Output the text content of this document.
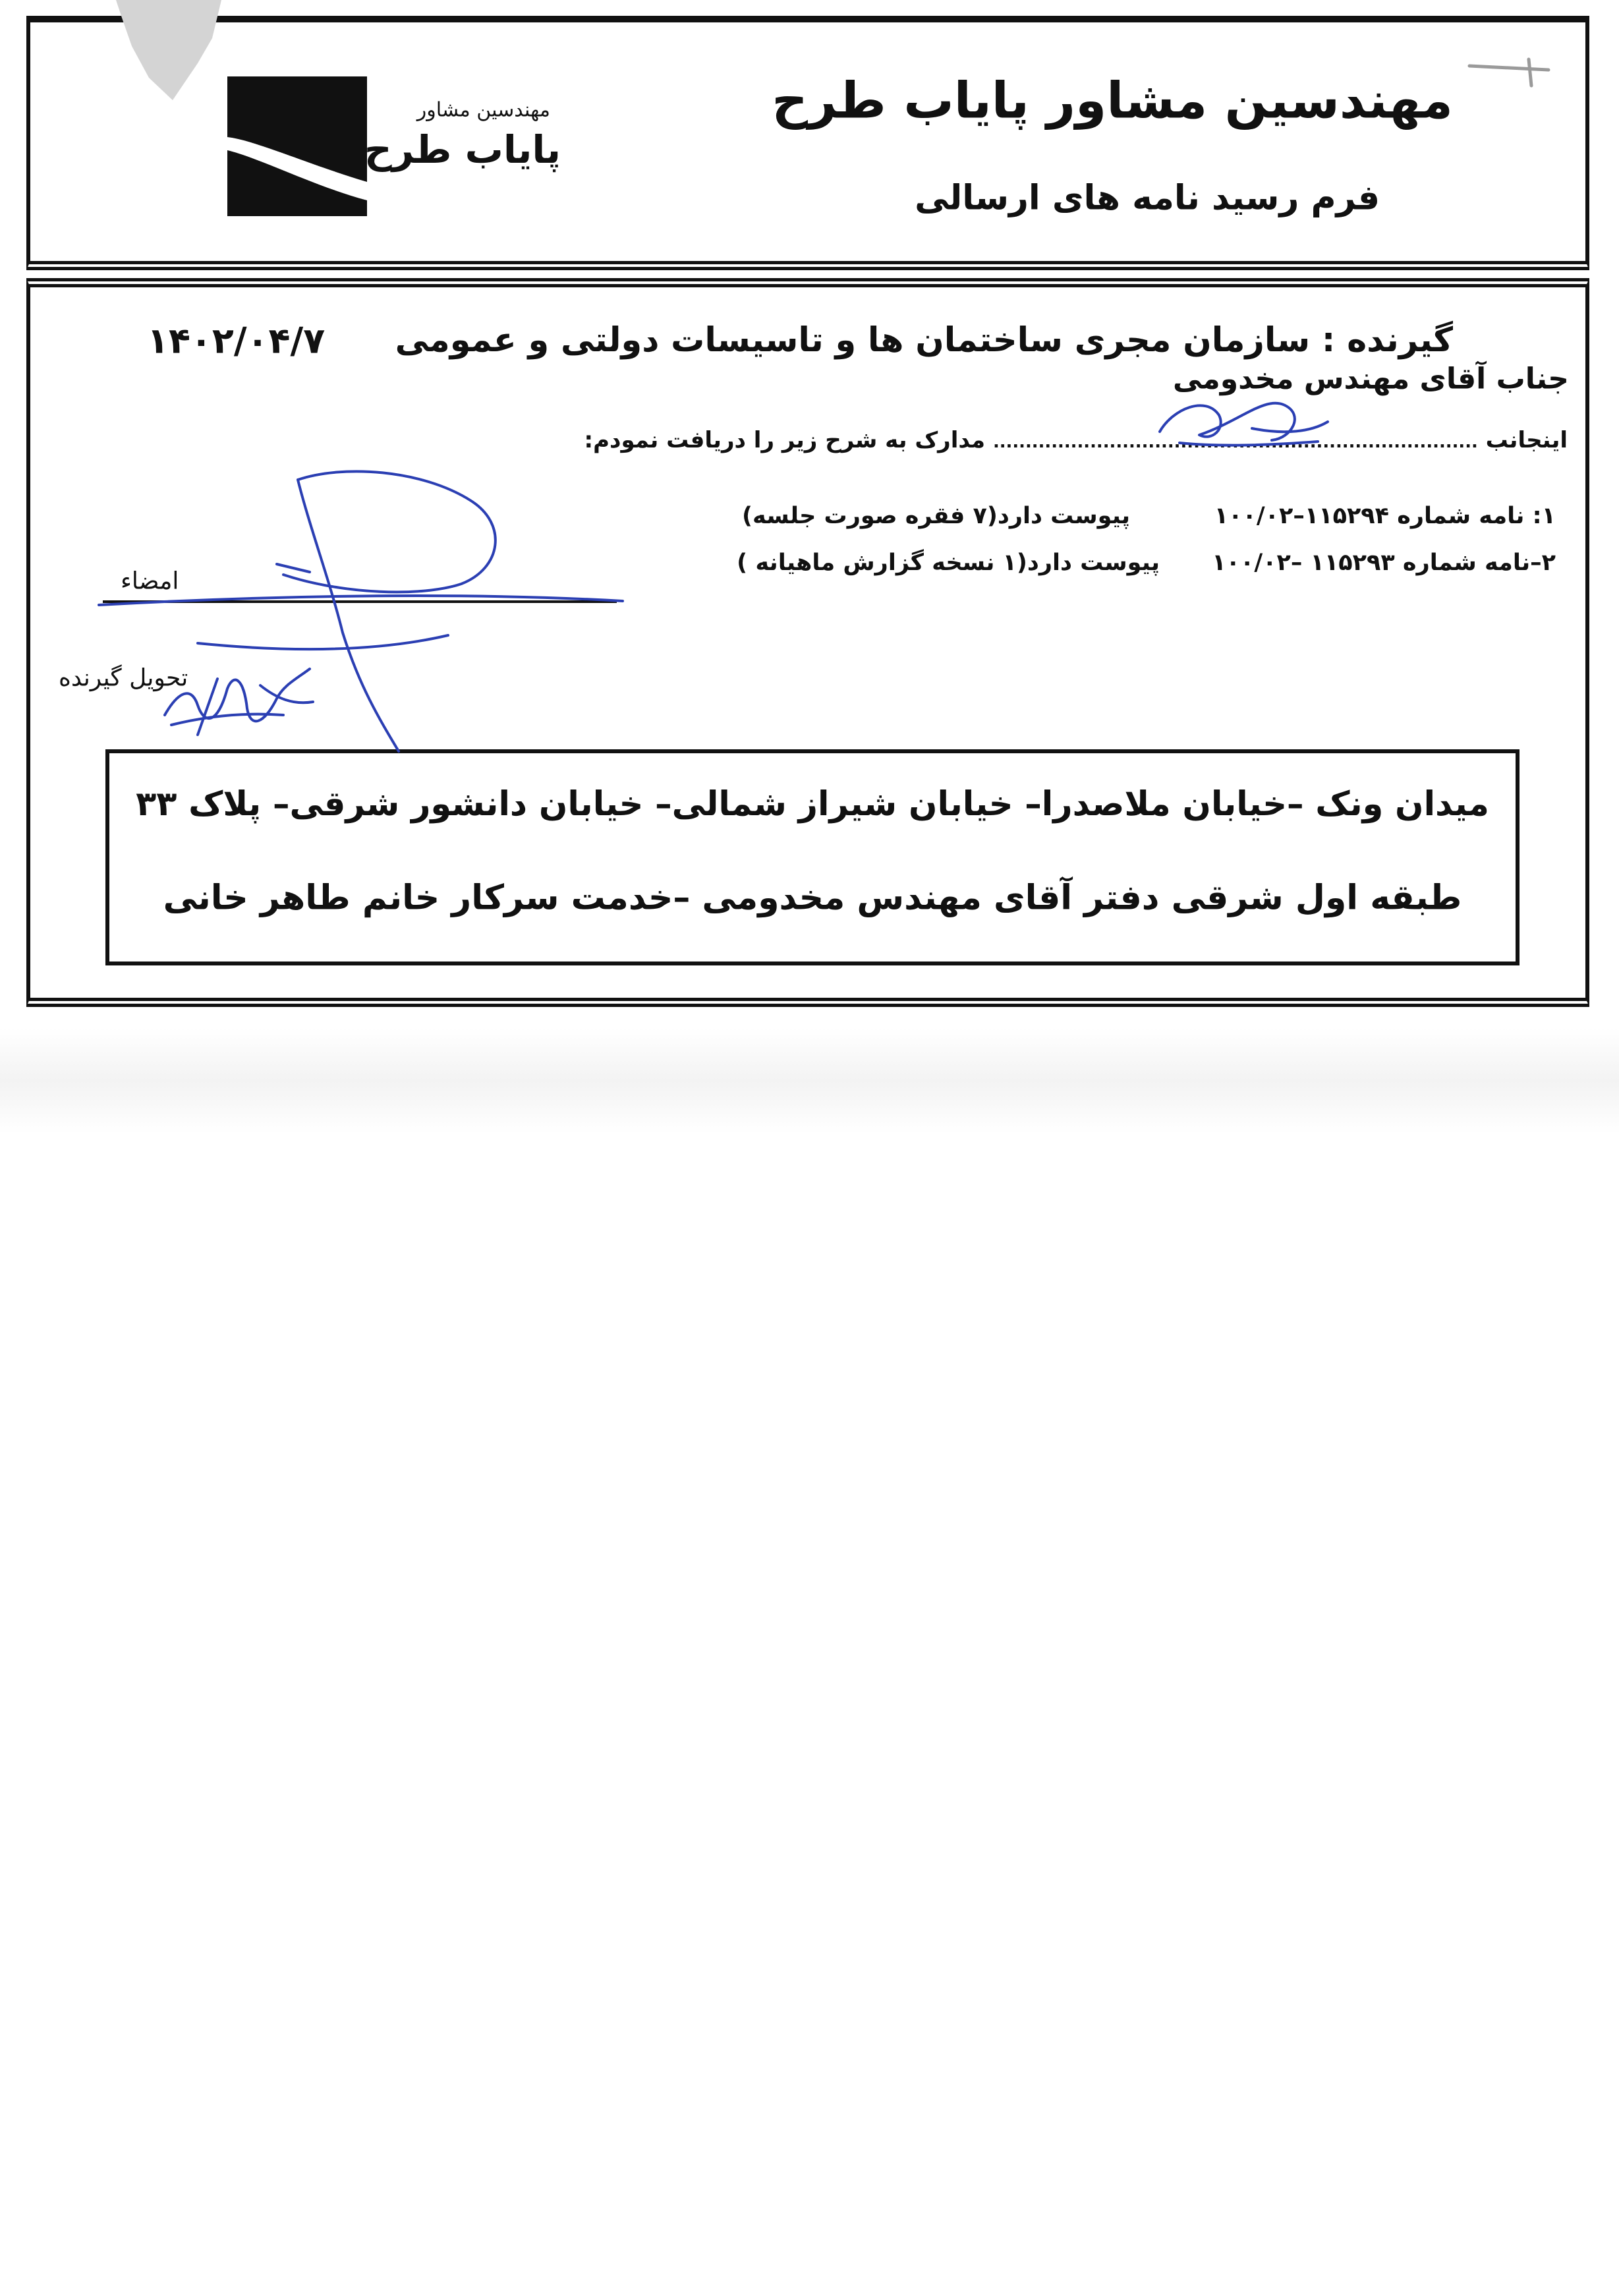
مهندسین مشاور
پایاب طرح
مهندسین مشاور پایاب طرح
فرم رسید نامه های ارسالی
گیرنده : سازمان مجری ساختمان ها و تاسیسات دولتی و عمومی
۱۴۰۲/۰۴/۷
جناب آقای مهندس مخدومی
اینجانب ........................................................................... مدارک به شرح زیر را دریافت نمودم:
۱: نامه شماره ۱۰۰/۰۲–۱۱۵۲۹۴
پیوست دارد(۷ فقره صورت جلسه)
۲–نامه شماره ۱۰۰/۰۲– ۱۱۵۲۹۳
پیوست دارد(۱ نسخه گزارش ماهیانه )
امضاء
تحویل گیرنده
میدان ونک –خیابان ملاصدرا– خیابان شیراز شمالی– خیابان دانشور شرقی– پلاک ۳۳
طبقه اول شرقی دفتر آقای مهندس مخدومی –خدمت سرکار خانم طاهر خانی
